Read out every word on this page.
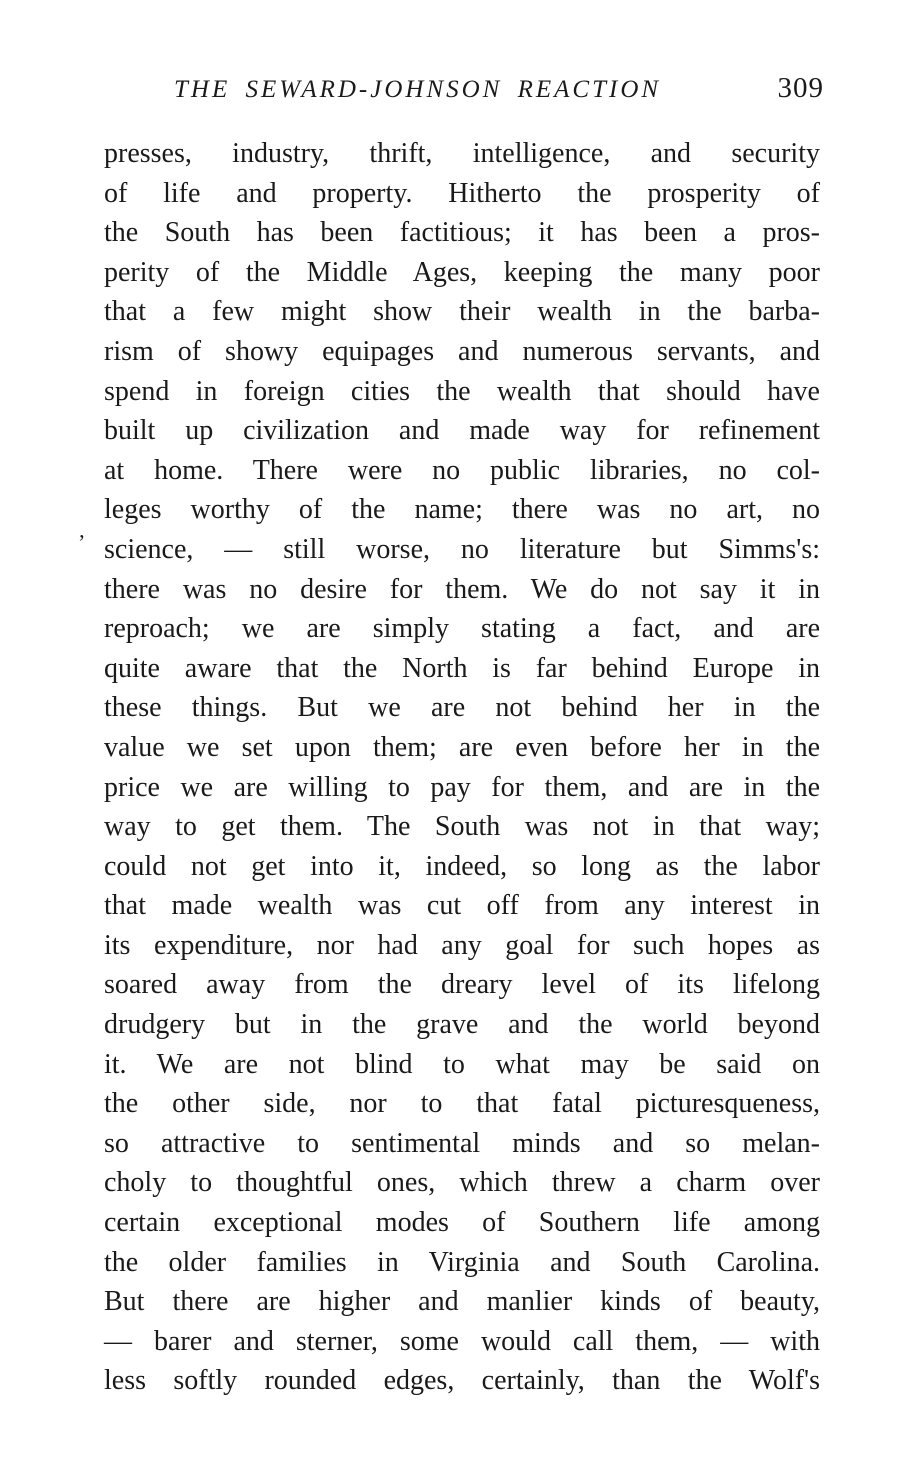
THE SEWARD-JOHNSON REACTION	309
ʼ
presses, industry, thrift, intelligence, and security
of life and property. Hitherto the prosperity of
the South has been factitious; it has been a pros-
perity of the Middle Ages, keeping the many poor
that a few might show their wealth in the barba-
rism of showy equipages and numerous servants, and
spend in foreign cities the wealth that should have
built up civilization and made way for refinement
at home. There were no public libraries, no col-
leges worthy of the name; there was no art, no
science, — still worse, no literature but Simms's:
there was no desire for them. We do not say it in
reproach; we are simply stating a fact, and are
quite aware that the North is far behind Europe in
these things. But we are not behind her in the
value we set upon them; are even before her in the
price we are willing to pay for them, and are in the
way to get them. The South was not in that way;
could not get into it, indeed, so long as the labor
that made wealth was cut off from any interest in
its expenditure, nor had any goal for such hopes as
soared away from the dreary level of its lifelong
drudgery but in the grave and the world beyond
it. We are not blind to what may be said on
the other side, nor to that fatal picturesqueness,
so attractive to sentimental minds and so melan-
choly to thoughtful ones, which threw a charm over
certain exceptional modes of Southern life among
the older families in Virginia and South Carolina.
But there are higher and manlier kinds of beauty,
— barer and sterner, some would call them, — with
less softly rounded edges, certainly, than the Wolf's
